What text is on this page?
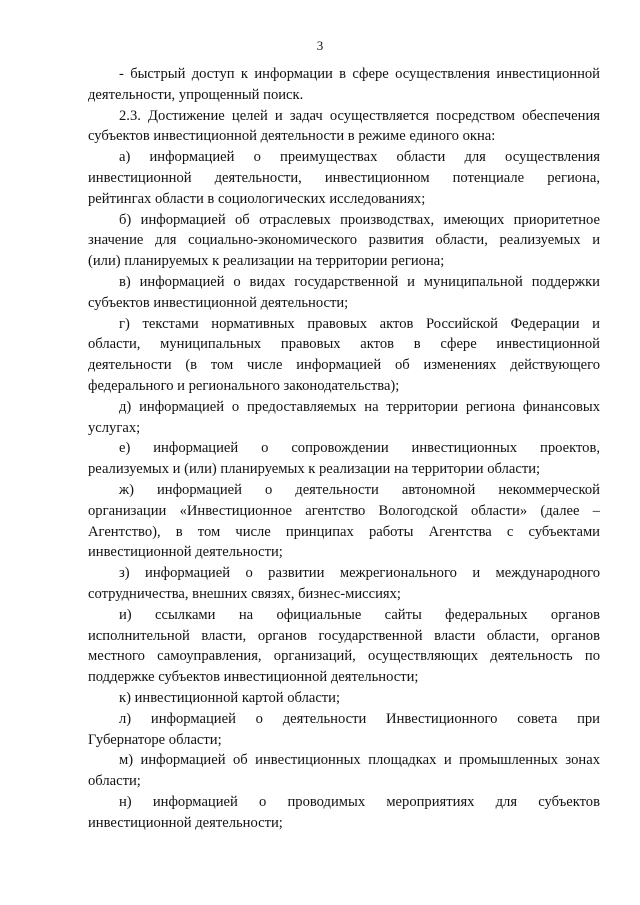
3
- быстрый доступ к информации в сфере осуществления инвестиционной
деятельности, упрощенный поиск.
2.3. Достижение целей и задач осуществляется посредством обеспечения
субъектов инвестиционной деятельности в режиме единого окна:
а) информацией о преимуществах области для осуществления
инвестиционной деятельности, инвестиционном потенциале региона,
рейтингах области в социологических исследованиях;
б) информацией об отраслевых производствах, имеющих приоритетное
значение для социально-экономического развития области, реализуемых и
(или) планируемых к реализации на территории региона;
в) информацией о видах государственной и муниципальной поддержки
субъектов инвестиционной деятельности;
г) текстами нормативных правовых актов Российской Федерации и
области, муниципальных правовых актов в сфере инвестиционной
деятельности (в том числе информацией об изменениях действующего
федерального и регионального законодательства);
д) информацией о предоставляемых на территории региона финансовых
услугах;
е) информацией о сопровождении инвестиционных проектов,
реализуемых и (или) планируемых к реализации на территории области;
ж) информацией о деятельности автономной некоммерческой
организации «Инвестиционное агентство Вологодской области» (далее –
Агентство), в том числе принципах работы Агентства с субъектами
инвестиционной деятельности;
з) информацией о развитии межрегионального и международного
сотрудничества, внешних связях, бизнес-миссиях;
и) ссылками на официальные сайты федеральных органов
исполнительной власти, органов государственной власти области, органов
местного самоуправления, организаций, осуществляющих деятельность по
поддержке субъектов инвестиционной деятельности;
к) инвестиционной картой области;
л) информацией о деятельности Инвестиционного совета при
Губернаторе области;
м) информацией об инвестиционных площадках и промышленных зонах
области;
н) информацией о проводимых мероприятиях для субъектов
инвестиционной деятельности;
